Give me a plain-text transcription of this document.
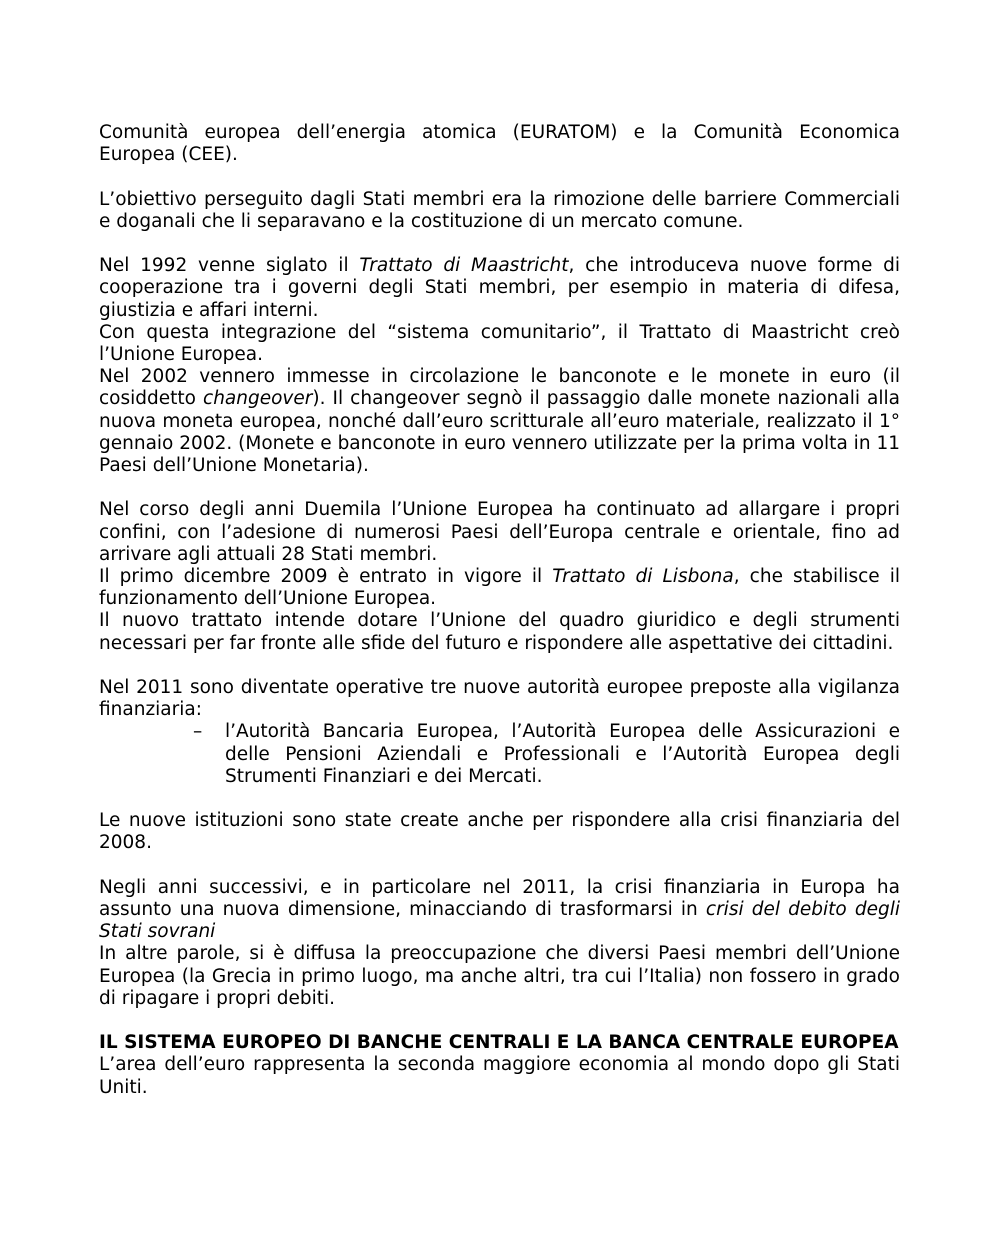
Comunità europea dell’energia atomica (EURATOM) e la Comunità Economica Europea (CEE).

L’obiettivo perseguito dagli Stati membri era la rimozione delle barriere Commerciali e doganali che li separavano e la costituzione di un mercato comune.

Nel 1992 venne siglato il Trattato di Maastricht, che introduceva nuove forme di cooperazione tra i governi degli Stati membri, per esempio in materia di difesa, giustizia e affari interni.

Con questa integrazione del “sistema comunitario”, il Trattato di Maastricht creò l’Unione Europea.

Nel 2002 vennero immesse in circolazione le banconote e le monete in euro (il cosiddetto changeover). Il changeover segnò il passaggio dalle monete nazionali alla nuova moneta europea, nonché dall’euro scritturale all’euro materiale, realizzato il 1° gennaio 2002. (Monete e banconote in euro vennero utilizzate per la prima volta in 11 Paesi dell’Unione Monetaria).

Nel corso degli anni Duemila l’Unione Europea ha continuato ad allargare i propri confini, con l’adesione di numerosi Paesi dell’Europa centrale e orientale, fino ad arrivare agli attuali 28 Stati membri.

Il primo dicembre 2009 è entrato in vigore il Trattato di Lisbona, che stabilisce il funzionamento dell’Unione Europea.

Il nuovo trattato intende dotare l’Unione del quadro giuridico e degli strumenti necessari per far fronte alle sfide del futuro e rispondere alle aspettative dei cittadini.

Nel 2011 sono diventate operative tre nuove autorità europee preposte alla vigilanza finanziaria:

– l’Autorità Bancaria Europea, l’Autorità Europea delle Assicurazioni e delle Pensioni Aziendali e Professionali e l’Autorità Europea degli Strumenti Finanziari e dei Mercati.

Le nuove istituzioni sono state create anche per rispondere alla crisi finanziaria del 2008.

Negli anni successivi, e in particolare nel 2011, la crisi finanziaria in Europa ha assunto una nuova dimensione, minacciando di trasformarsi in crisi del debito degli Stati sovrani

In altre parole, si è diffusa la preoccupazione che diversi Paesi membri dell’Unione Europea (la Grecia in primo luogo, ma anche altri, tra cui l’Italia) non fossero in grado di ripagare i propri debiti.

IL SISTEMA EUROPEO DI BANCHE CENTRALI E LA BANCA CENTRALE EUROPEA

L’area dell’euro rappresenta la seconda maggiore economia al mondo dopo gli Stati Uniti.
